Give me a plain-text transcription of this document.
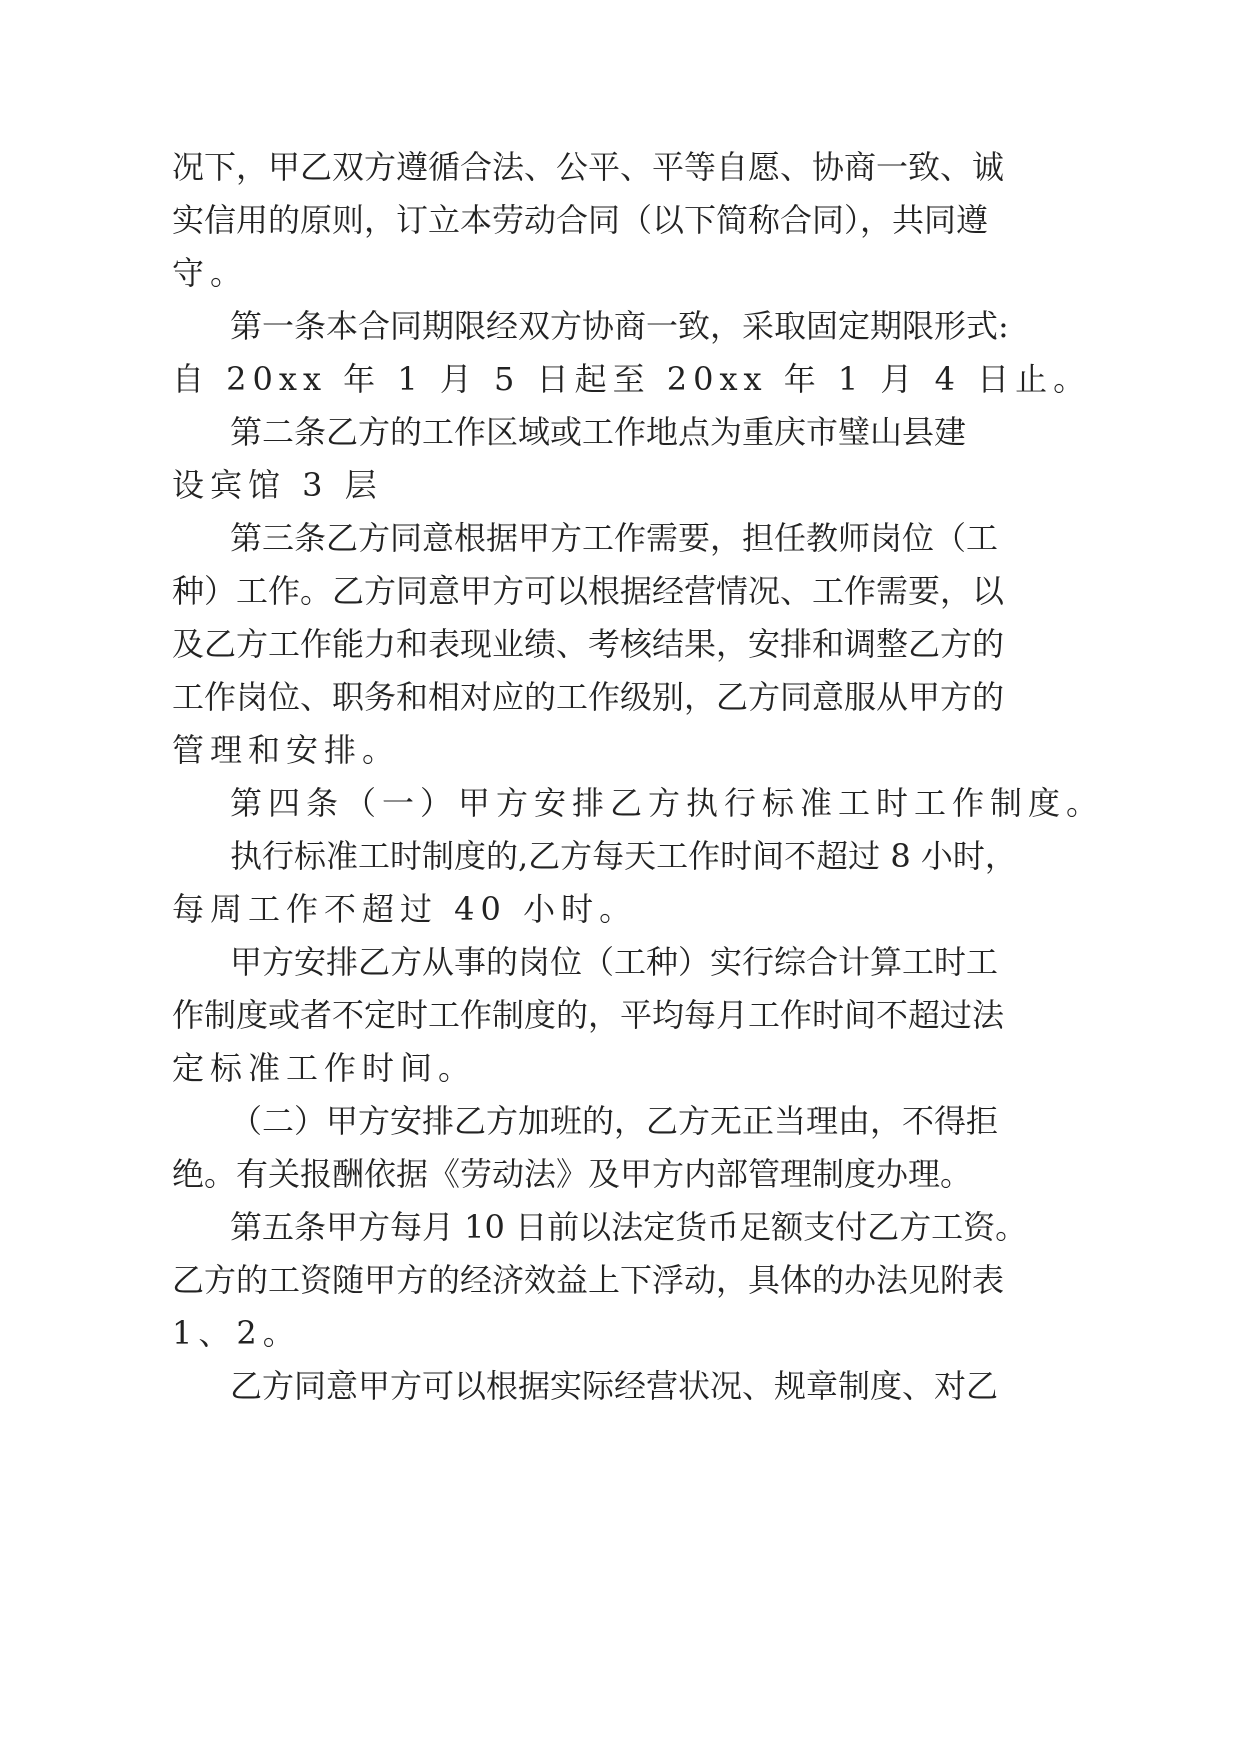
况下，甲乙双方遵循合法、公平、平等自愿、协商一致、诚

实信用的原则，订立本劳动合同（以下简称合同），共同遵

守。

第一条本合同期限经双方协商一致，采取固定期限形式:

自 20xx 年 1 月 5 日起至 20xx 年 1 月 4 日止。

第二条乙方的工作区域或工作地点为重庆市璧山县建

设宾馆 3 层

第三条乙方同意根据甲方工作需要，担任教师岗位（工

种）工作。乙方同意甲方可以根据经营情况、工作需要，以

及乙方工作能力和表现业绩、考核结果，安排和调整乙方的

工作岗位、职务和相对应的工作级别，乙方同意服从甲方的

管理和安排。

第四条（一）甲方安排乙方执行标准工时工作制度。

执行标准工时制度的,乙方每天工作时间不超过 8 小时，

每周工作不超过 40 小时。

甲方安排乙方从事的岗位（工种）实行综合计算工时工

作制度或者不定时工作制度的，平均每月工作时间不超过法

定标准工作时间。

（二）甲方安排乙方加班的，乙方无正当理由，不得拒

绝。有关报酬依据《劳动法》及甲方内部管理制度办理。

第五条甲方每月 10 日前以法定货币足额支付乙方工资。

乙方的工资随甲方的经济效益上下浮动，具体的办法见附表

1、2。

乙方同意甲方可以根据实际经营状况、规章制度、对乙
